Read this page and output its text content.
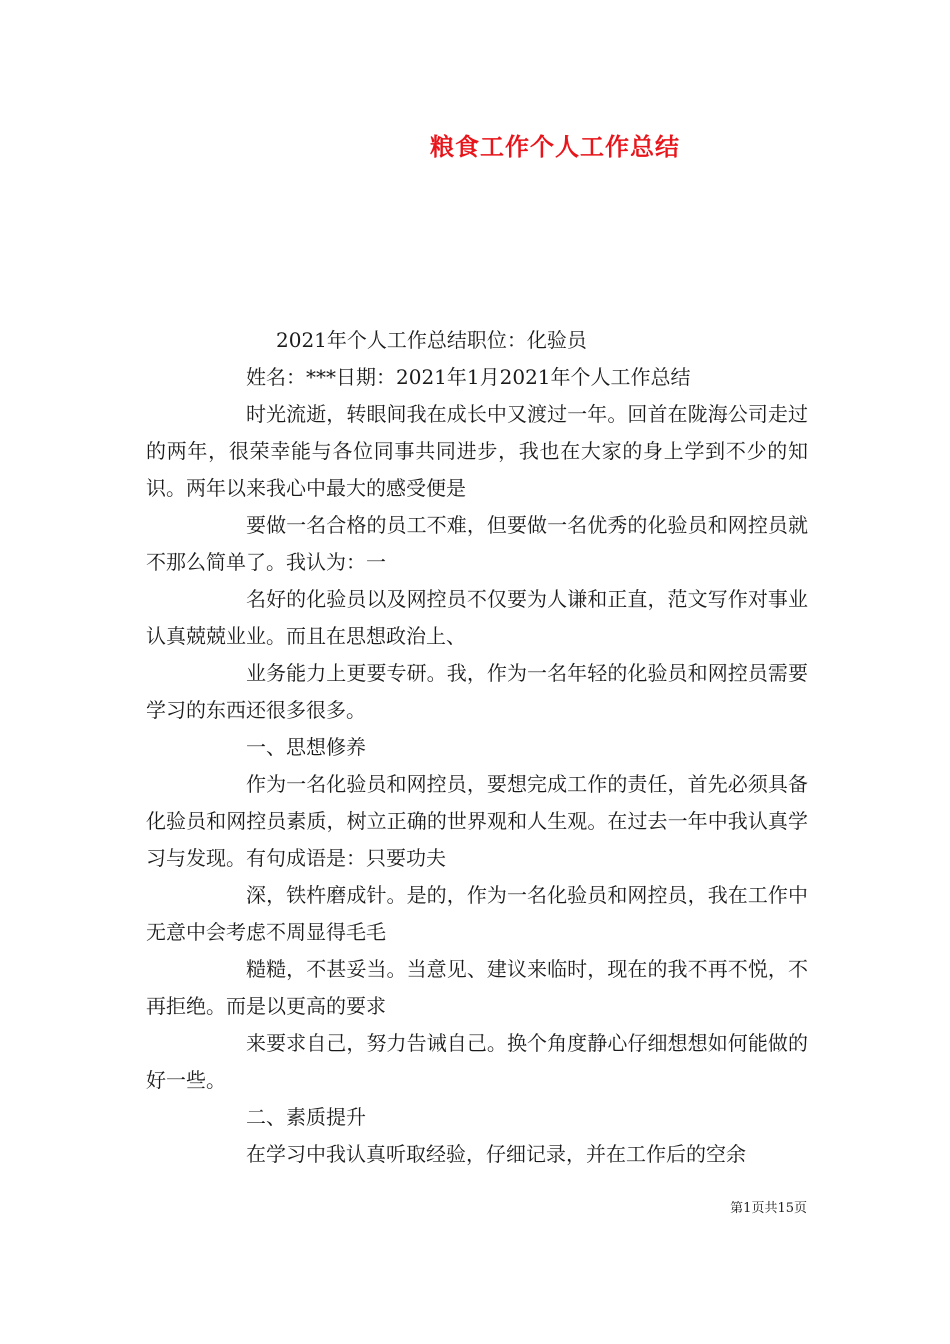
粮食工作个人工作总结

2021年个人工作总结职位：化验员

姓名：***日期：2021年1月2021年个人工作总结

时光流逝，转眼间我在成长中又渡过一年。回首在陇海公司走过的两年，很荣幸能与各位同事共同进步，我也在大家的身上学到不少的知识。两年以来我心中最大的感受便是

要做一名合格的员工不难，但要做一名优秀的化验员和网控员就不那么简单了。我认为：一

名好的化验员以及网控员不仅要为人谦和正直，范文写作对事业认真兢兢业业。而且在思想政治上、

业务能力上更要专研。我，作为一名年轻的化验员和网控员需要学习的东西还很多很多。

一、思想修养

作为一名化验员和网控员，要想完成工作的责任，首先必须具备化验员和网控员素质，树立正确的世界观和人生观。在过去一年中我认真学习与发现。有句成语是：只要功夫

深，铁杵磨成针。是的，作为一名化验员和网控员，我在工作中无意中会考虑不周显得毛毛

糙糙，不甚妥当。当意见、建议来临时，现在的我不再不悦，不再拒绝。而是以更高的要求

来要求自己，努力告诫自己。换个角度静心仔细想想如何能做的好一些。

二、素质提升

在学习中我认真听取经验，仔细记录，并在工作后的空余

第1页共15页
